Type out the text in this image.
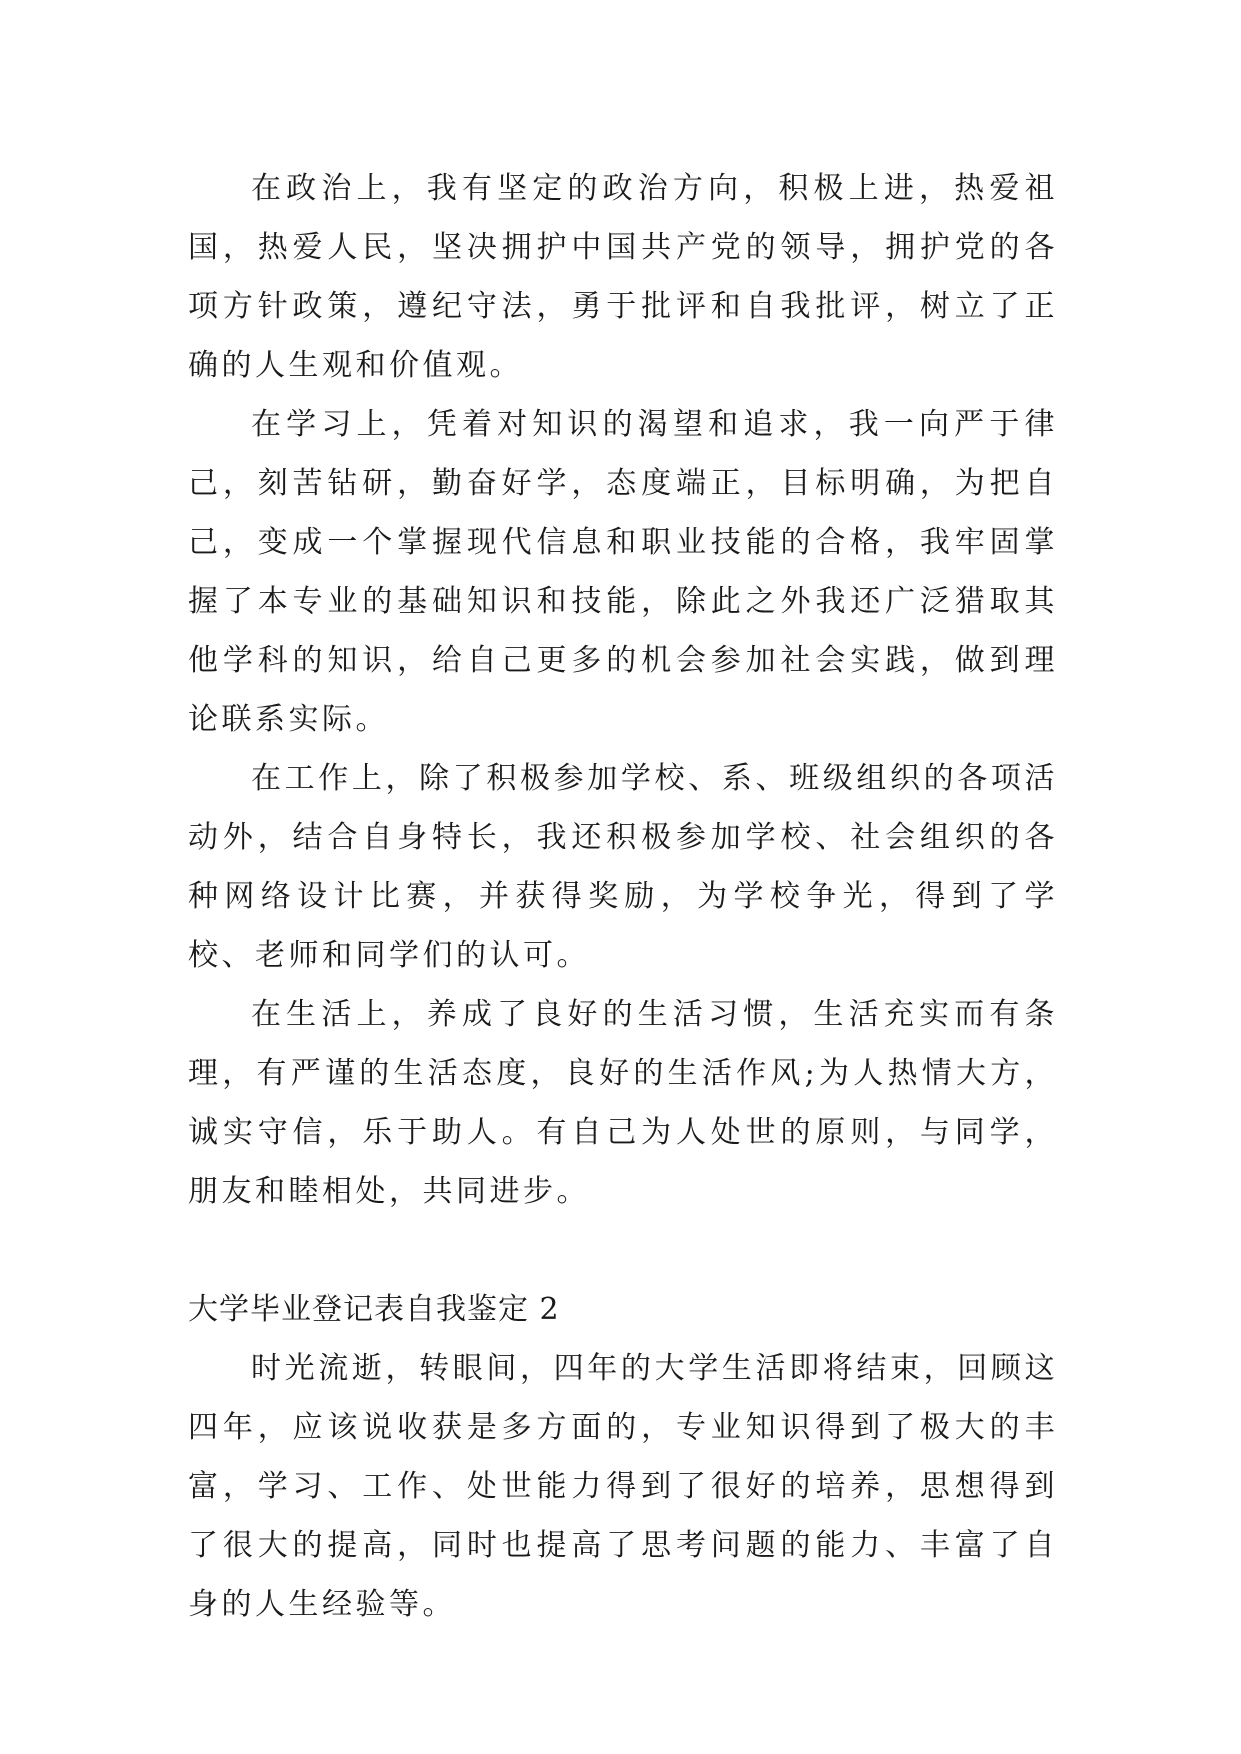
在政治上，我有坚定的政治方向，积极上进，热爱祖国，热爱人民，坚决拥护中国共产党的领导，拥护党的各项方针政策，遵纪守法，勇于批评和自我批评，树立了正确的人生观和价值观。

在学习上，凭着对知识的渴望和追求，我一向严于律己，刻苦钻研，勤奋好学，态度端正，目标明确，为把自己，变成一个掌握现代信息和职业技能的合格，我牢固掌握了本专业的基础知识和技能，除此之外我还广泛猎取其他学科的知识，给自己更多的机会参加社会实践，做到理论联系实际。

在工作上，除了积极参加学校、系、班级组织的各项活动外，结合自身特长，我还积极参加学校、社会组织的各种网络设计比赛，并获得奖励，为学校争光，得到了学校、老师和同学们的认可。

在生活上，养成了良好的生活习惯，生活充实而有条理，有严谨的生活态度，良好的生活作风;为人热情大方，诚实守信，乐于助人。有自己为人处世的原则，与同学，朋友和睦相处，共同进步。

大学毕业登记表自我鉴定 2

时光流逝，转眼间，四年的大学生活即将结束，回顾这四年，应该说收获是多方面的，专业知识得到了极大的丰富，学习、工作、处世能力得到了很好的培养，思想得到了很大的提高，同时也提高了思考问题的能力、丰富了自身的人生经验等。
